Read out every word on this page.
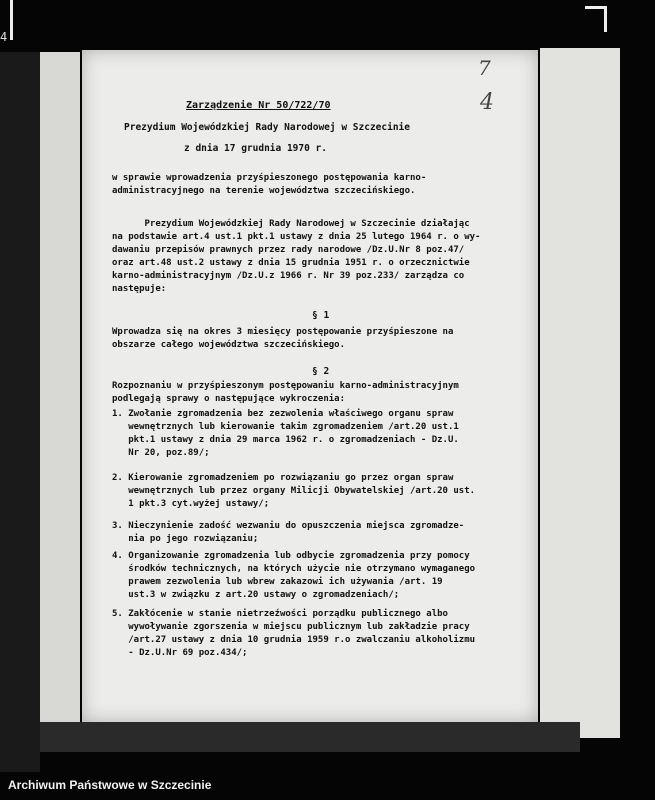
4
7
4
Zarządzenie Nr 50/722/70
Prezydium Wojewódzkiej Rady Narodowej w Szczecinie
z dnia 17 grudnia 1970 r.
w sprawie wprowadzenia przyśpieszonego postępowania karno-
administracyjnego na terenie województwa szczecińskiego.
Prezydium Wojewódzkiej Rady Narodowej w Szczecinie działając
na podstawie art.4 ust.1 pkt.1 ustawy z dnia 25 lutego 1964 r. o wy-
dawaniu przepisów prawnych przez rady narodowe /Dz.U.Nr 8 poz.47/
oraz art.48 ust.2 ustawy z dnia 15 grudnia 1951 r. o orzecznictwie
karno-administracyjnym /Dz.U.z 1966 r. Nr 39 poz.233/ zarządza co
następuje:
§ 1
Wprowadza się na okres 3 miesięcy postępowanie przyśpieszone na
obszarze całego województwa szczecińskiego.
§ 2
Rozpoznaniu w przyśpieszonym postępowaniu karno-administracyjnym
podlegają sprawy o następujące wykroczenia:
1. Zwołanie zgromadzenia bez zezwolenia właściwego organu spraw
wewnętrznych lub kierowanie takim zgromadzeniem /art.20 ust.1
pkt.1 ustawy z dnia 29 marca 1962 r. o zgromadzeniach - Dz.U.
Nr 20, poz.89/;
2. Kierowanie zgromadzeniem po rozwiązaniu go przez organ spraw
wewnętrznych lub przez organy Milicji Obywatelskiej /art.20 ust.
1 pkt.3 cyt.wyżej ustawy/;
3. Nieczynienie zadość wezwaniu do opuszczenia miejsca zgromadze-
nia po jego rozwiązaniu;
4. Organizowanie zgromadzenia lub odbycie zgromadzenia przy pomocy
środków technicznych, na których użycie nie otrzymano wymaganego
prawem zezwolenia lub wbrew zakazowi ich używania /art. 19
ust.3 w związku z art.20 ustawy o zgromadzeniach/;
5. Zakłócenie w stanie nietrzeźwości porządku publicznego albo
wywoływanie zgorszenia w miejscu publicznym lub zakładzie pracy
/art.27 ustawy z dnia 10 grudnia 1959 r.o zwalczaniu alkoholizmu
- Dz.U.Nr 69 poz.434/;
Archiwum Państwowe w Szczecinie
